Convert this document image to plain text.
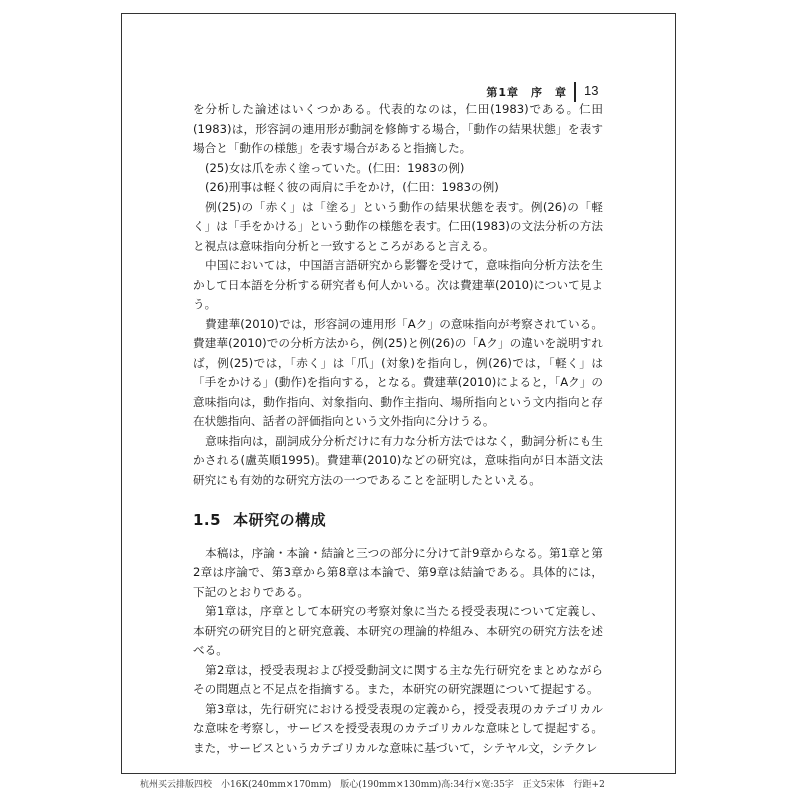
第1章　序　章 13

を分析した論述はいくつかある。代表的なのは，仁田(1983)である。仁田(1983)は，形容詞の連用形が動詞を修飾する場合，「動作の結果状態」を表す場合と「動作の様態」を表す場合があると指摘した。

(25)女は爪を赤く塗っていた。(仁田：1983の例)

(26)刑事は軽く彼の両肩に手をかけ，(仁田：1983の例)

例(25)の「赤く」は「塗る」という動作の結果状態を表す。例(26)の「軽く」は「手をかける」という動作の様態を表す。仁田(1983)の文法分析の方法と視点は意味指向分析と一致するところがあると言える。

中国においては，中国語言語研究から影響を受けて，意味指向分析方法を生かして日本語を分析する研究者も何人かいる。次は費建華(2010)について見よう。

費建華(2010)では，形容詞の連用形「Aク」の意味指向が考察されている。費建華(2010)での分析方法から，例(25)と例(26)の「Aク」の違いを説明すれば，例(25)では，「赤く」は「爪」(対象)を指向し，例(26)では，「軽く」は「手をかける」(動作)を指向する，となる。費建華(2010)によると，「Aク」の意味指向は，動作指向、対象指向、動作主指向、場所指向という文内指向と存在状態指向、話者の評価指向という文外指向に分けうる。

意味指向は，副詞成分分析だけに有力な分析方法ではなく，動詞分析にも生かされる(盧英順1995)。費建華(2010)などの研究は，意味指向が日本語文法研究にも有効的な研究方法の一つであることを証明したといえる。

1.5 本研究の構成

本稿は，序論・本論・結論と三つの部分に分けて計9章からなる。第1章と第2章は序論で、第3章から第8章は本論で、第9章は結論である。具体的には，下記のとおりである。

第1章は，序章として本研究の考察対象に当たる授受表現について定義し、本研究の研究目的と研究意義、本研究の理論的枠組み、本研究の研究方法を述べる。

第2章は，授受表現および授受動詞文に関する主な先行研究をまとめながらその問題点と不足点を指摘する。また，本研究の研究課題について提起する。

第3章は，先行研究における授受表現の定義から，授受表現のカテゴリカルな意味を考察し，サービスを授受表現のカテゴリカルな意味として提起する。また，サービスというカテゴリカルな意味に基づいて，シテヤル文，シテクレ

杭州买云排版四校　小16K(240mm×170mm)　版心(190mm×130mm)高:34行×宽:35字　正文5宋体　行距+2
